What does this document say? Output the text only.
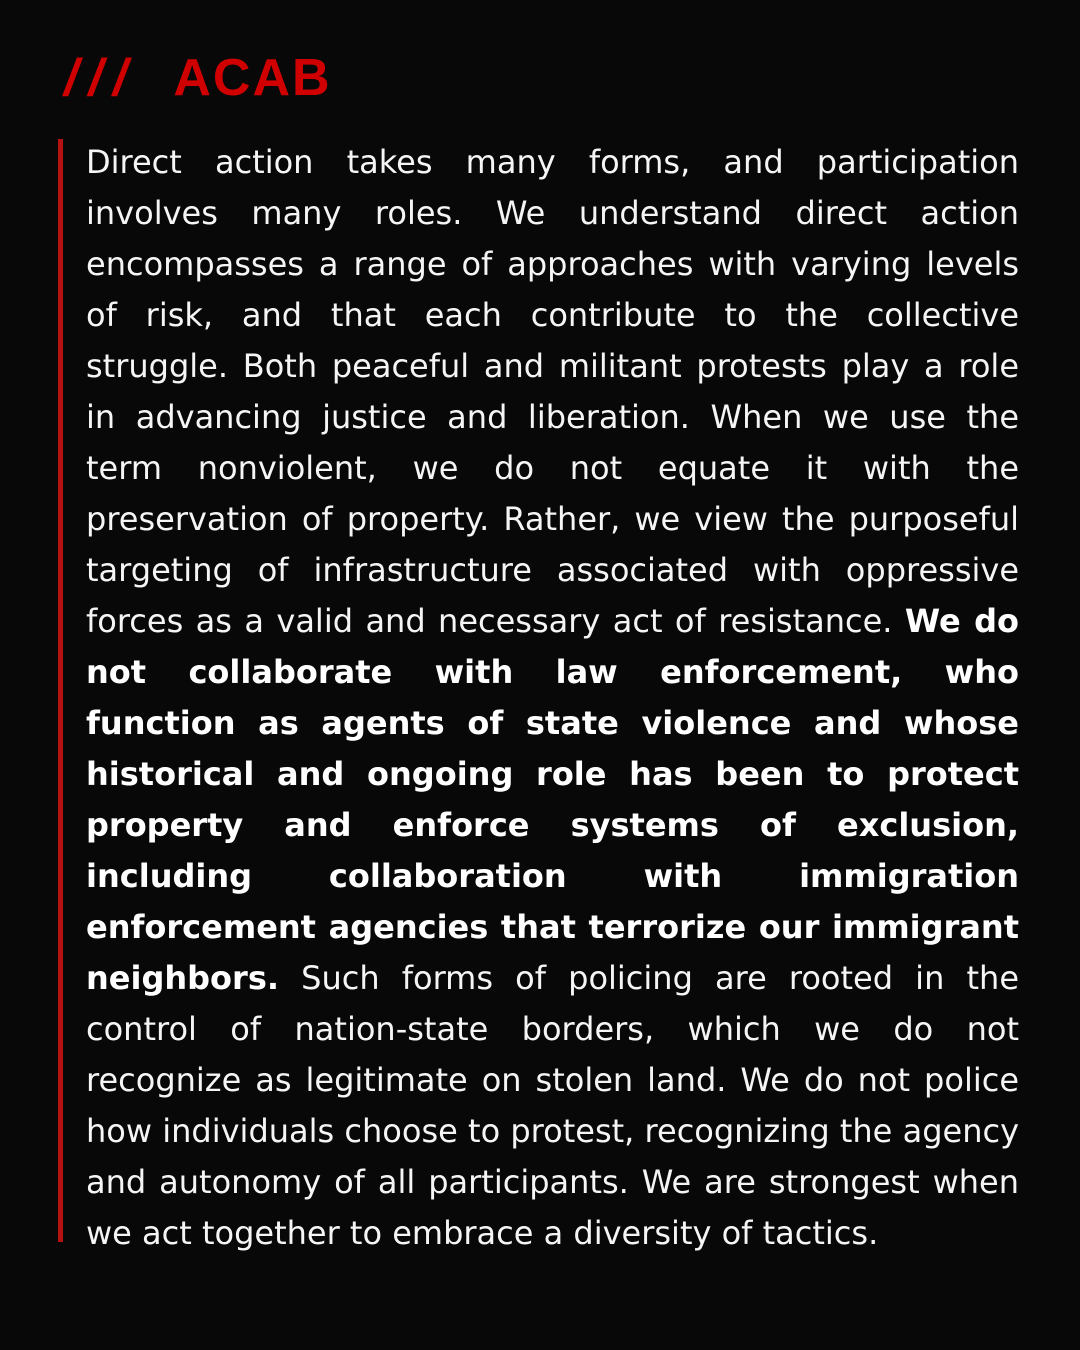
/// ACAB

Direct action takes many forms, and participation involves many roles. We understand direct action encompasses a range of approaches with varying levels of risk, and that each contribute to the collective struggle. Both peaceful and militant protests play a role in advancing justice and liberation. When we use the term nonviolent, we do not equate it with the preservation of property. Rather, we view the purposeful targeting of infrastructure associated with oppressive forces as a valid and necessary act of resistance. We do not collaborate with law enforcement, who function as agents of state violence and whose historical and ongoing role has been to protect property and enforce systems of exclusion, including collaboration with immigration enforcement agencies that terrorize our immigrant neighbors. Such forms of policing are rooted in the control of nation-state borders, which we do not recognize as legitimate on stolen land. We do not police how individuals choose to protest, recognizing the agency and autonomy of all participants. We are strongest when we act together to embrace a diversity of tactics.
